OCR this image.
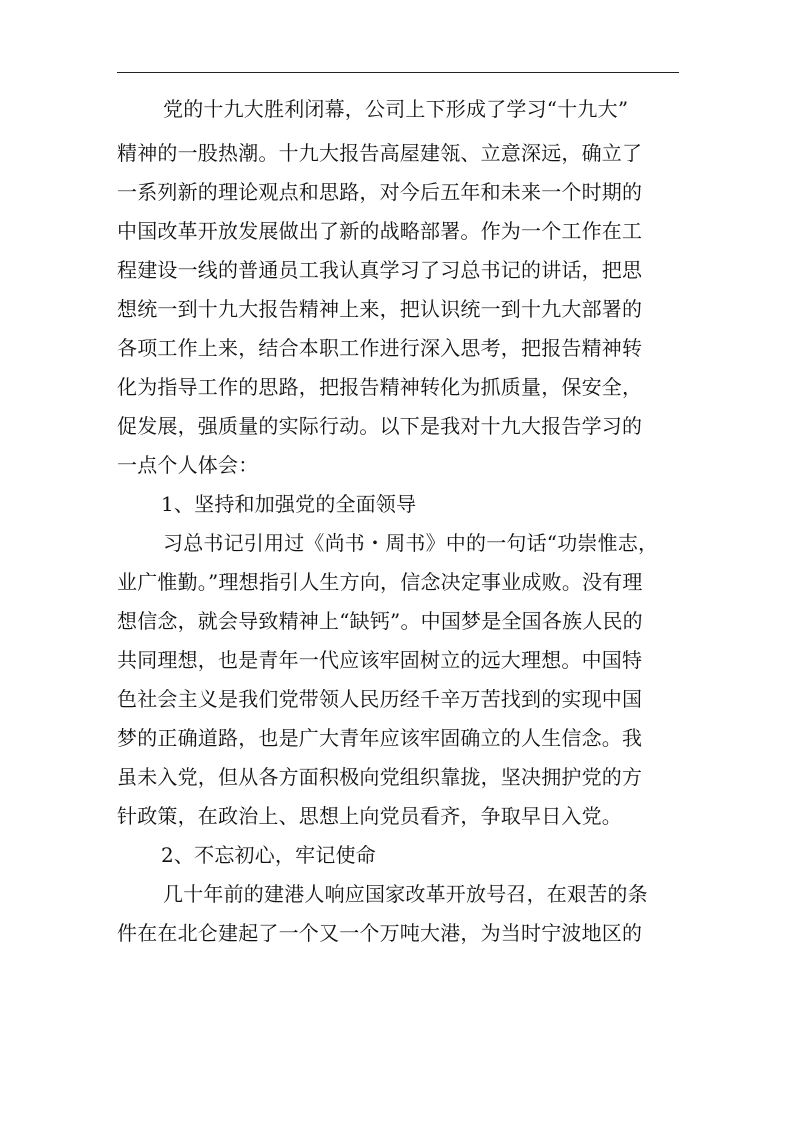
党的十九大胜利闭幕，公司上下形成了学习“十九大”
精神的一股热潮。十九大报告高屋建瓴、立意深远，确立了
一系列新的理论观点和思路，对今后五年和未来一个时期的
中国改革开放发展做出了新的战略部署。作为一个工作在工
程建设一线的普通员工我认真学习了习总书记的讲话，把思
想统一到十九大报告精神上来，把认识统一到十九大部署的
各项工作上来，结合本职工作进行深入思考，把报告精神转
化为指导工作的思路，把报告精神转化为抓质量，保安全，
促发展，强质量的实际行动。以下是我对十九大报告学习的
一点个人体会：
1、坚持和加强党的全面领导
习总书记引用过《尚书・周书》中的一句话“功崇惟志，
业广惟勤。”理想指引人生方向，信念决定事业成败。没有理
想信念，就会导致精神上“缺钙”。中国梦是全国各族人民的
共同理想，也是青年一代应该牢固树立的远大理想。中国特
色社会主义是我们党带领人民历经千辛万苦找到的实现中国
梦的正确道路，也是广大青年应该牢固确立的人生信念。我
虽未入党，但从各方面积极向党组织靠拢，坚决拥护党的方
针政策，在政治上、思想上向党员看齐，争取早日入党。
2、不忘初心，牢记使命
几十年前的建港人响应国家改革开放号召，在艰苦的条
件在在北仑建起了一个又一个万吨大港，为当时宁波地区的
